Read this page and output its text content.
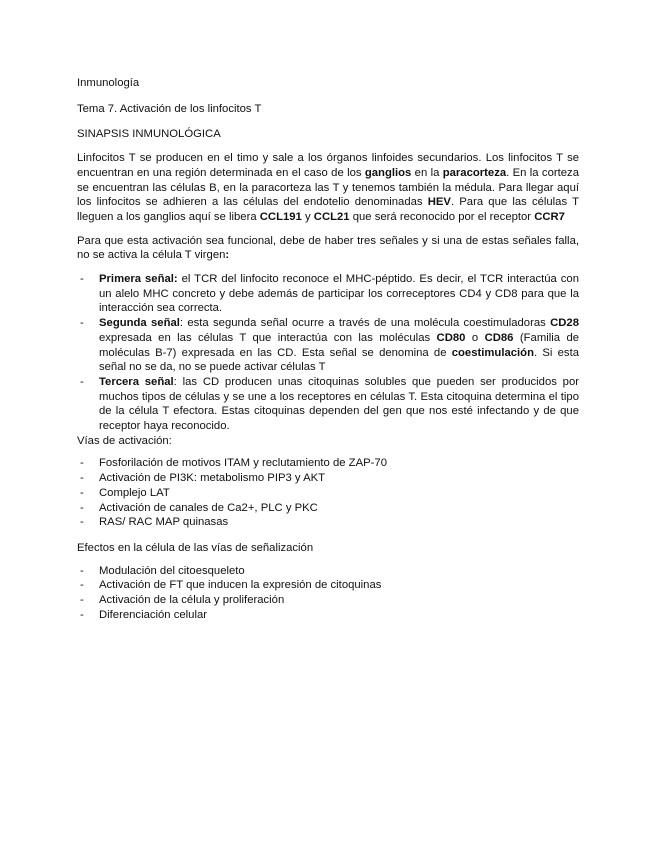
Inmunología

Tema 7. Activación de los linfocitos T

SINAPSIS INMUNOLÓGICA

Linfocitos T se producen en el timo y sale a los órganos linfoides secundarios. Los linfocitos T se encuentran en una región determinada en el caso de los ganglios en la paracorteza. En la corteza se encuentran las células B, en la paracorteza las T y tenemos también la médula. Para llegar aquí los linfocitos se adhieren a las células del endotelio denominadas HEV. Para que las células T lleguen a los ganglios aquí se libera CCL191 y CCL21 que será reconocido por el receptor CCR7

Para que esta activación sea funcional, debe de haber tres señales y si una de estas señales falla, no se activa la célula T virgen:

- Primera señal: el TCR del linfocito reconoce el MHC-péptido. Es decir, el TCR interactúa con un alelo MHC concreto y debe además de participar los correceptores CD4 y CD8 para que la interacción sea correcta.
- Segunda señal: esta segunda señal ocurre a través de una molécula coestimuladoras CD28 expresada en las células T que interactúa con las moléculas CD80 o CD86 (Familia de moléculas B-7) expresada en las CD. Esta señal se denomina de coestimulación. Si esta señal no se da, no se puede activar células T
- Tercera señal: las CD producen unas citoquinas solubles que pueden ser producidos por muchos tipos de células y se une a los receptores en células T. Esta citoquina determina el tipo de la célula T efectora. Estas citoquinas dependen del gen que nos esté infectando y de que receptor haya reconocido.

Vías de activación:

- Fosforilación de motivos ITAM y reclutamiento de ZAP-70
- Activación de PI3K: metabolismo PIP3 y AKT
- Complejo LAT
- Activación de canales de Ca2+, PLC y PKC
- RAS/ RAC MAP quinasas

Efectos en la célula de las vías de señalización

- Modulación del citoesqueleto
- Activación de FT que inducen la expresión de citoquinas
- Activación de la célula y proliferación
- Diferenciación celular
